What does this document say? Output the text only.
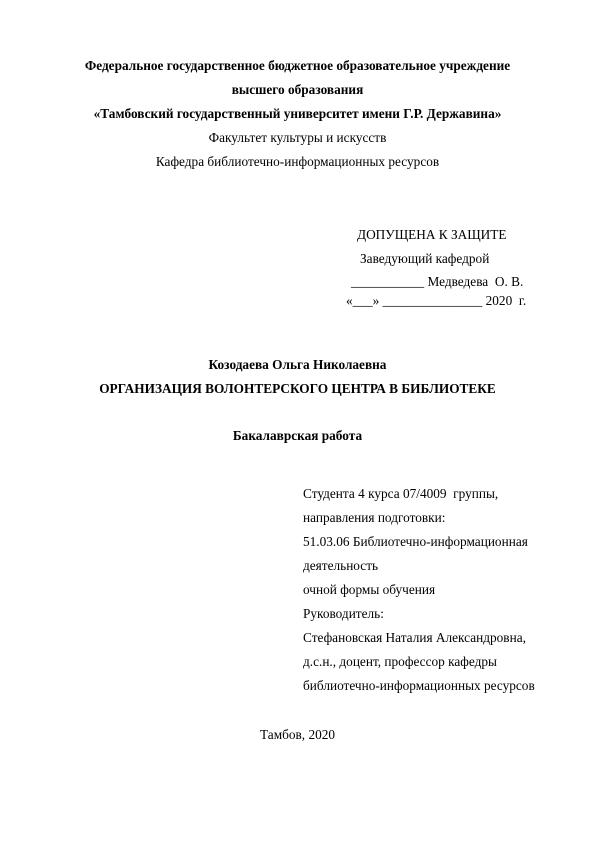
Федеральное государственное бюджетное образовательное учреждение
высшего образования
«Тамбовский государственный университет имени Г.Р. Державина»
Факультет культуры и искусств
Кафедра библиотечно-информационных ресурсов
ДОПУЩЕНА К ЗАЩИТЕ
Заведующий кафедрой
___________ Медведева  О. В.
«___» _______________ 2020  г.
Козодаева Ольга Николаевна
ОРГАНИЗАЦИЯ ВОЛОНТЕРСКОГО ЦЕНТРА В БИБЛИОТЕКЕ
Бакалаврская работа
Студента 4 курса 07/4009  группы,
направления подготовки:
51.03.06 Библиотечно-информационная
деятельность
очной формы обучения
Руководитель:
Стефановская Наталия Александровна,
д.с.н., доцент, профессор кафедры
библиотечно-информационных ресурсов
Тамбов, 2020
